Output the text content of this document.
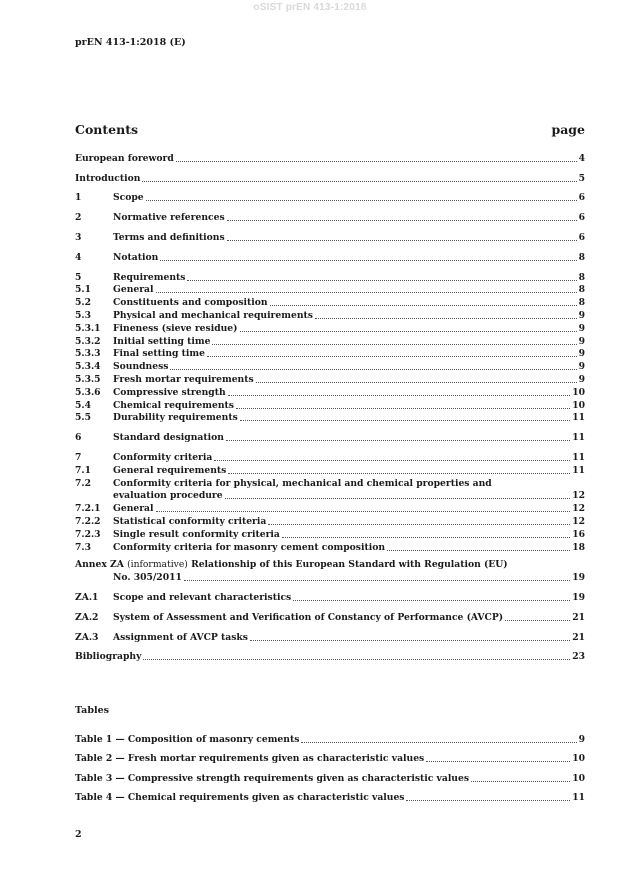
oSIST prEN 413-1:2018
prEN 413-1:2018 (E)
Contents	page
European foreword	4
Introduction	5
1	Scope	6
2	Normative references	6
3	Terms and definitions	6
4	Notation	8
5	Requirements	8
5.1	General	8
5.2	Constituents and composition	8
5.3	Physical and mechanical requirements	9
5.3.1	Fineness (sieve residue)	9
5.3.2	Initial setting time	9
5.3.3	Final setting time	9
5.3.4	Soundness	9
5.3.5	Fresh mortar requirements	9
5.3.6	Compressive strength	10
5.4	Chemical requirements	10
5.5	Durability requirements	11
6	Standard designation	11
7	Conformity criteria	11
7.1	General requirements	11
7.2	Conformity criteria for physical, mechanical and chemical properties and
evaluation procedure	12
7.2.1	General	12
7.2.2	Statistical conformity criteria	12
7.2.3	Single result conformity criteria	16
7.3	Conformity criteria for masonry cement composition	18
Annex ZA (informative) Relationship of this European Standard with Regulation (EU)
No. 305/2011	19
ZA.1	Scope and relevant characteristics	19
ZA.2	System of Assessment and Verification of Constancy of Performance (AVCP)	21
ZA.3	Assignment of AVCP tasks	21
Bibliography	23
Tables
Table 1 — Composition of masonry cements	9
Table 2 — Fresh mortar requirements given as characteristic values	10
Table 3 — Compressive strength requirements given as characteristic values	10
Table 4 — Chemical requirements given as characteristic values	11
2
